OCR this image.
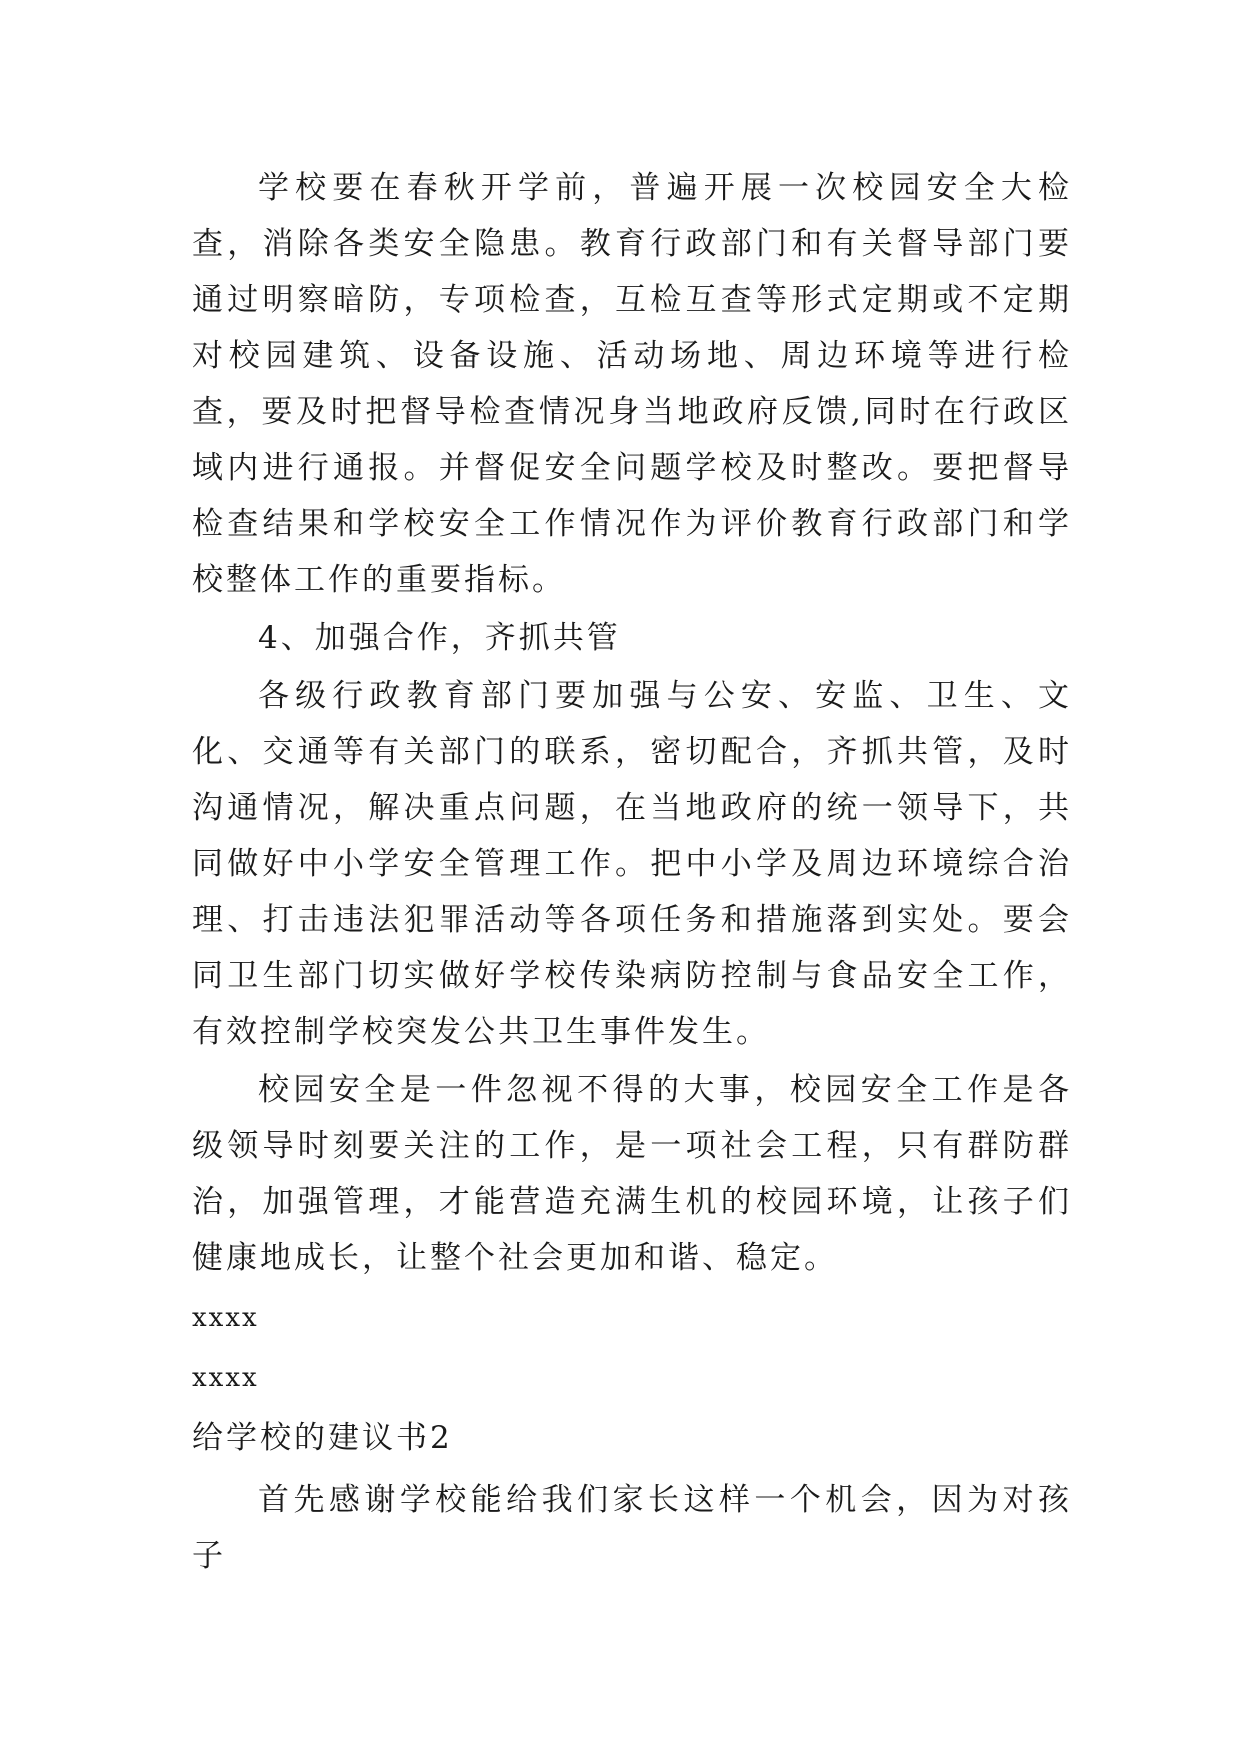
学校要在春秋开学前，普遍开展一次校园安全大检查，消除各类安全隐患。教育行政部门和有关督导部门要通过明察暗防，专项检查，互检互查等形式定期或不定期对校园建筑、设备设施、活动场地、周边环境等进行检查，要及时把督导检查情况身当地政府反馈,同时在行政区域内进行通报。并督促安全问题学校及时整改。要把督导检查结果和学校安全工作情况作为评价教育行政部门和学校整体工作的重要指标。

4、加强合作，齐抓共管

各级行政教育部门要加强与公安、安监、卫生、文化、交通等有关部门的联系，密切配合，齐抓共管，及时沟通情况，解决重点问题，在当地政府的统一领导下，共同做好中小学安全管理工作。把中小学及周边环境综合治理、打击违法犯罪活动等各项任务和措施落到实处。要会同卫生部门切实做好学校传染病防控制与食品安全工作，有效控制学校突发公共卫生事件发生。

校园安全是一件忽视不得的大事，校园安全工作是各级领导时刻要关注的工作，是一项社会工程，只有群防群治，加强管理，才能营造充满生机的校园环境，让孩子们健康地成长，让整个社会更加和谐、稳定。

xxxx

xxxx

给学校的建议书2

首先感谢学校能给我们家长这样一个机会，因为对孩子
